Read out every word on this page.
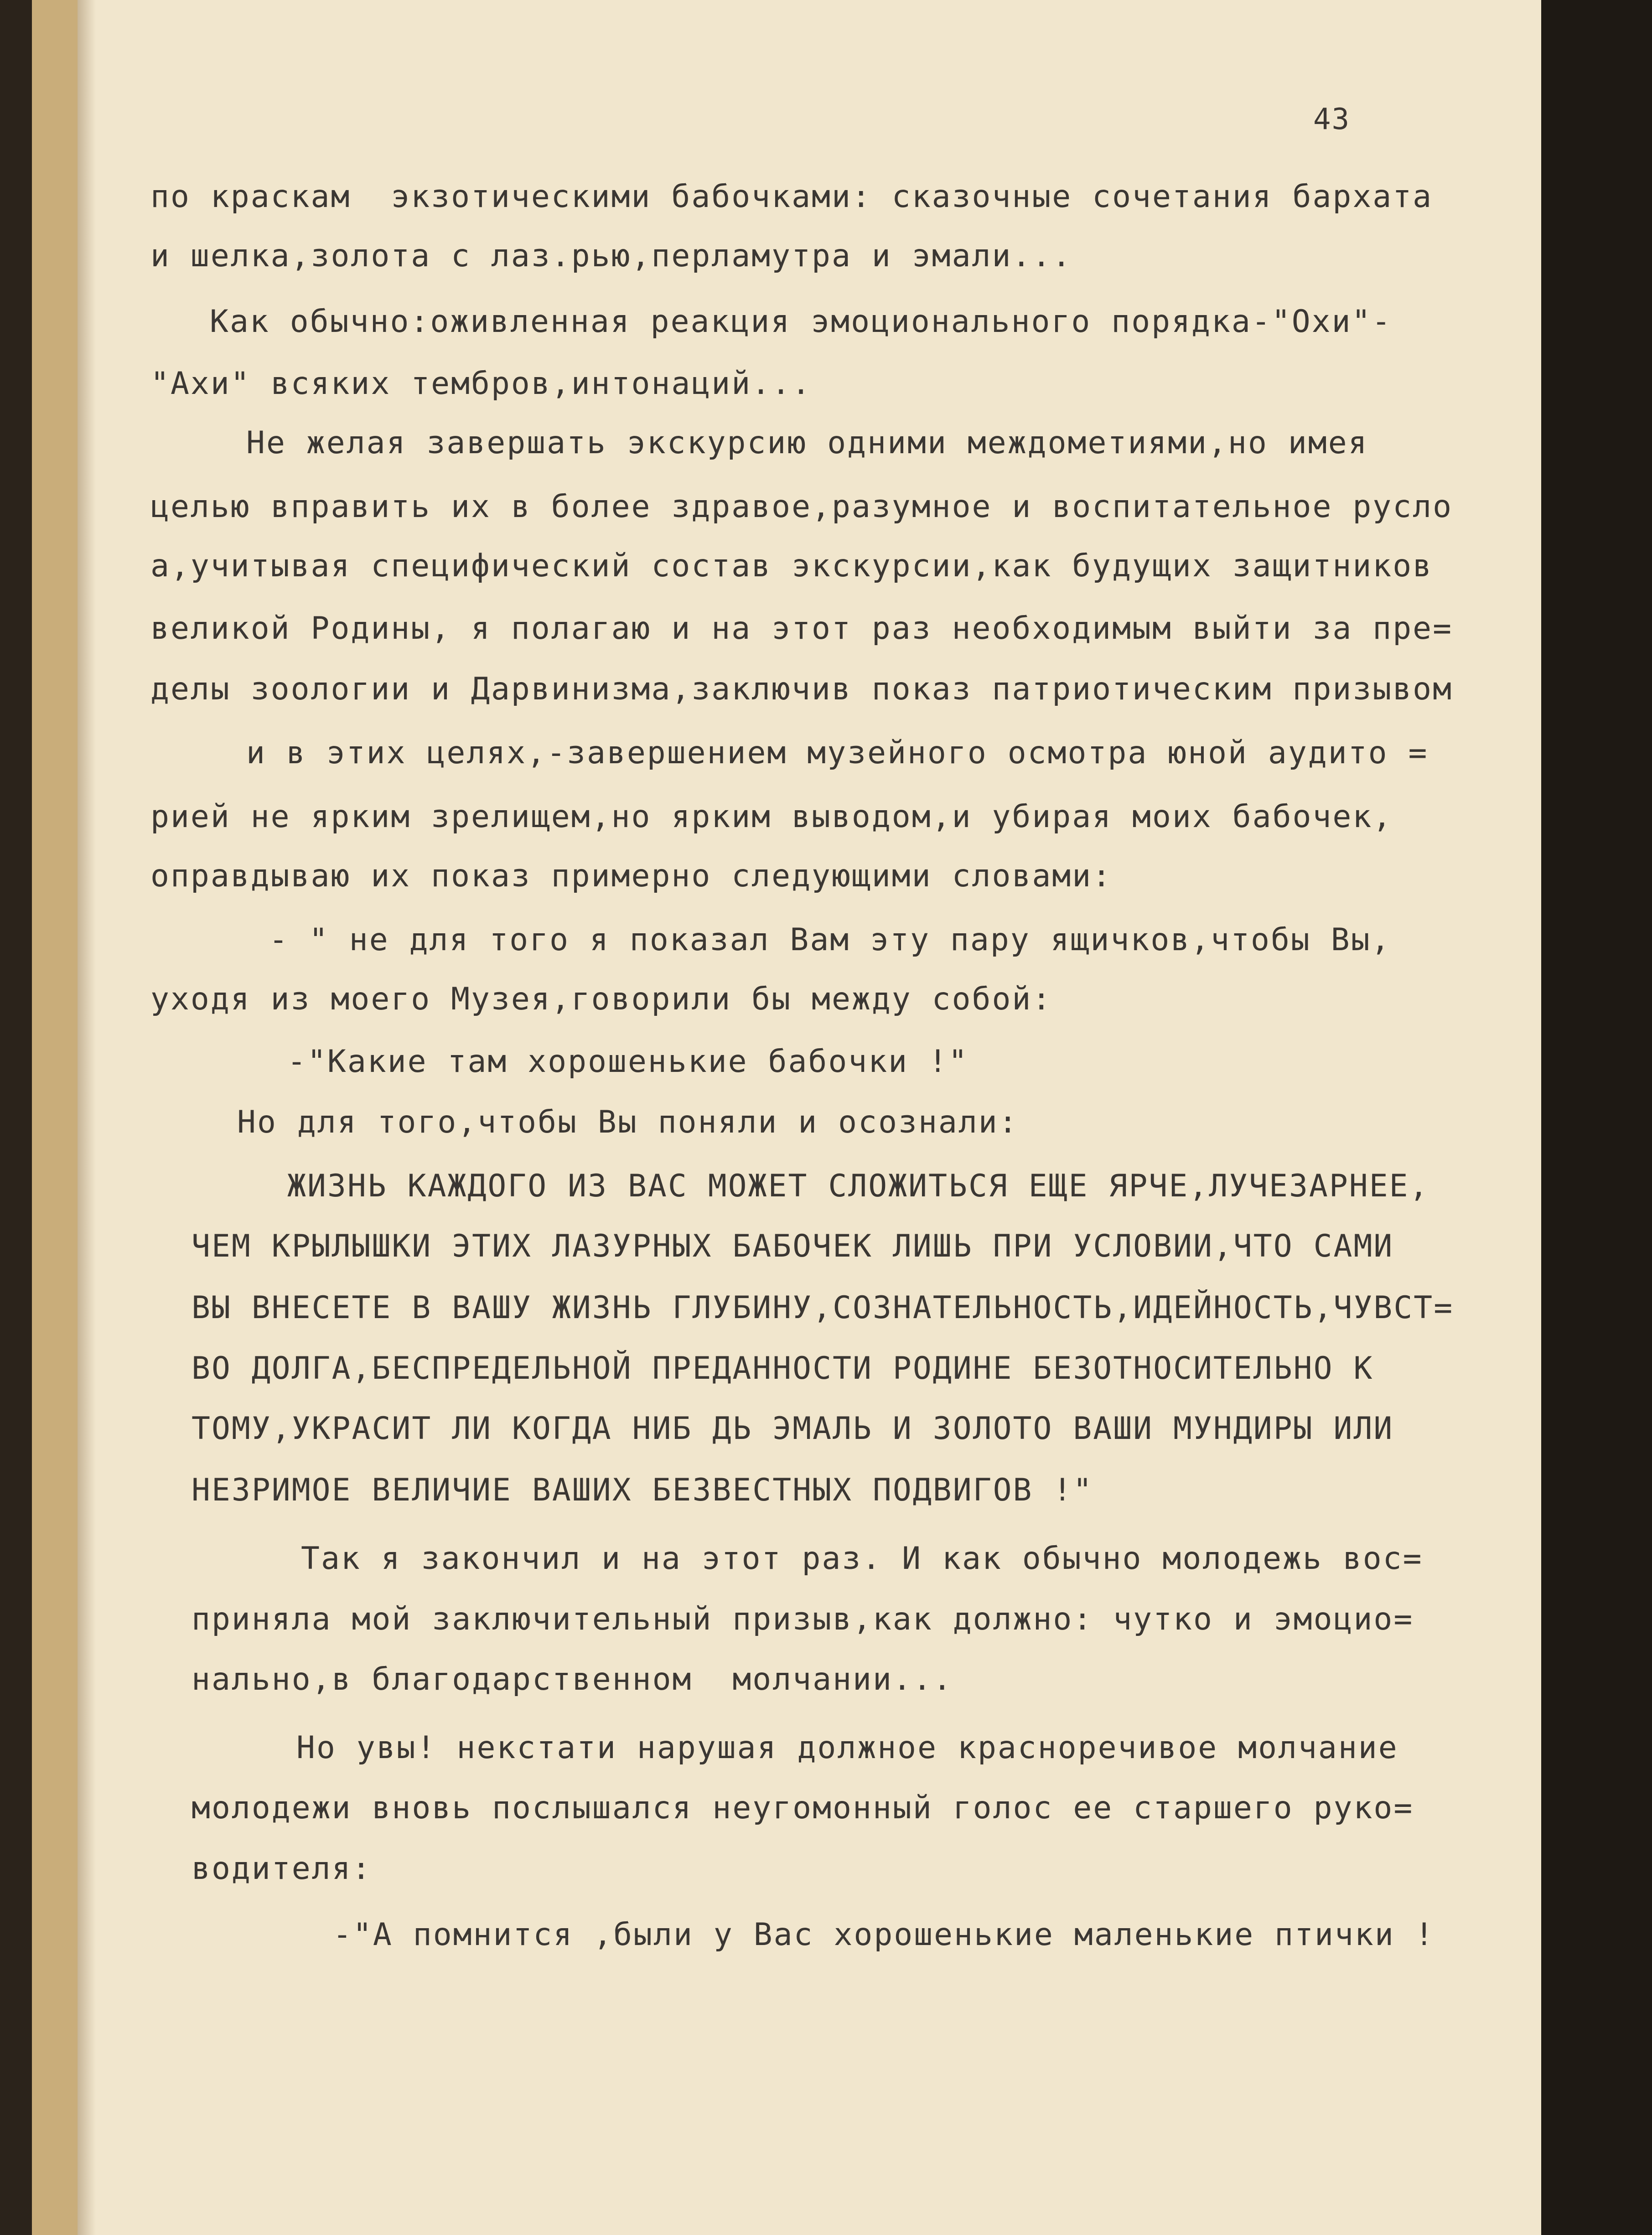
43
по краскам  экзотическими бабочками: сказочные сочетания бархата
и шелка,золота с лаз.рью,перламутра и эмали...
Как обычно:оживленная реакция эмоционального порядка-"Охи"-
"Ахи" всяких тембров,интонаций...
Не желая завершать экскурсию одними междометиями,но имея
целью вправить их в более здравое,разумное и воспитательное русло
а,учитывая специфический состав экскурсии,как будущих защитников
великой Родины, я полагаю и на этот раз необходимым выйти за пре=
делы зоологии и Дарвинизма,заключив показ патриотическим призывом
и в этих целях,-завершением музейного осмотра юной аудито =
рией не ярким зрелищем,но ярким выводом,и убирая моих бабочек,
оправдываю их показ примерно следующими словами:
- " не для того я показал Вам эту пару ящичков,чтобы Вы,
уходя из моего Музея,говорили бы между собой:
-"Какие там хорошенькие бабочки !"
Но для того,чтобы Вы поняли и осознали:
ЖИЗНЬ КАЖДОГО ИЗ ВАС МОЖЕТ СЛОЖИТЬСЯ ЕЩЕ ЯРЧЕ,ЛУЧЕЗАРНЕЕ,
ЧЕМ КРЫЛЫШКИ ЭТИХ ЛАЗУРНЫХ БАБОЧЕК ЛИШЬ ПРИ УСЛОВИИ,ЧТО САМИ
ВЫ ВНЕСЕТЕ В ВАШУ ЖИЗНЬ ГЛУБИНУ,СОЗНАТЕЛЬНОСТЬ,ИДЕЙНОСТЬ,ЧУВСТ=
ВО ДОЛГА,БЕСПРЕДЕЛЬНОЙ ПРЕДАННОСТИ РОДИНЕ БЕЗОТНОСИТЕЛЬНО К
ТОМУ,УКРАСИТ ЛИ КОГДА НИБ ДЬ ЭМАЛЬ И ЗОЛОТО ВАШИ МУНДИРЫ ИЛИ
НЕЗРИМОЕ ВЕЛИЧИЕ ВАШИХ БЕЗВЕСТНЫХ ПОДВИГОВ !"
Так я закончил и на этот раз. И как обычно молодежь вос=
приняла мой заключительный призыв,как должно: чутко и эмоцио=
нально,в благодарственном  молчании...
Но увы! некстати нарушая должное красноречивое молчание
молодежи вновь послышался неугомонный голос ее старшего руко=
водителя:
-"А помнится ,были у Вас хорошенькие маленькие птички !
